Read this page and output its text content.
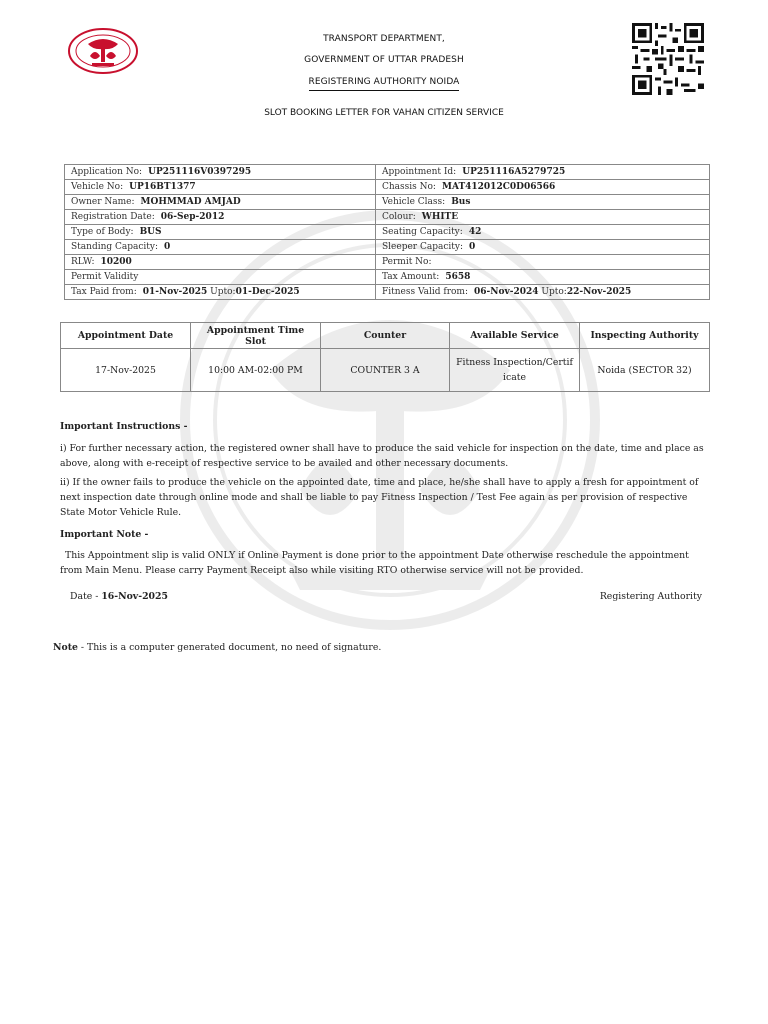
TRANSPORT DEPARTMENT,
GOVERNMENT OF UTTAR PRADESH
REGISTERING AUTHORITY NOIDA
SLOT BOOKING LETTER FOR VAHAN CITIZEN SERVICE
Application No: UP251116V0397295	Appointment Id: UP251116A5279725
Vehicle No: UP16BT1377	Chassis No: MAT412012C0D06566
Owner Name: MOHMMAD AMJAD	Vehicle Class: Bus
Registration Date: 06-Sep-2012	Colour: WHITE
Type of Body: BUS	Seating Capacity: 42
Standing Capacity: 0	Sleeper Capacity: 0
RLW: 10200	Permit No:
Permit Validity	Tax Amount: 5658
Tax Paid from: 01-Nov-2025 Upto:01-Dec-2025	Fitness Valid from: 06-Nov-2024 Upto:22-Nov-2025
Appointment Date	Appointment Time Slot	Counter	Available Service	Inspecting Authority
17-Nov-2025	10:00 AM-02:00 PM	COUNTER 3 A	Fitness Inspection/Certificate	Noida (SECTOR 32)
Important Instructions -
i) For further necessary action, the registered owner shall have to produce the said vehicle for inspection on the date, time and place as above, along with e-receipt of respective service to be availed and other necessary documents.
ii) If the owner fails to produce the vehicle on the appointed date, time and place, he/she shall have to apply a fresh for appointment of next inspection date through online mode and shall be liable to pay Fitness Inspection / Test Fee again as per provision of respective State Motor Vehicle Rule.
Important Note -
This Appointment slip is valid ONLY if Online Payment is done prior to the appointment Date otherwise reschedule the appointment from Main Menu. Please carry Payment Receipt also while visiting RTO otherwise service will not be provided.
Date - 16-Nov-2025	Registering Authority
Note - This is a computer generated document, no need of signature.
